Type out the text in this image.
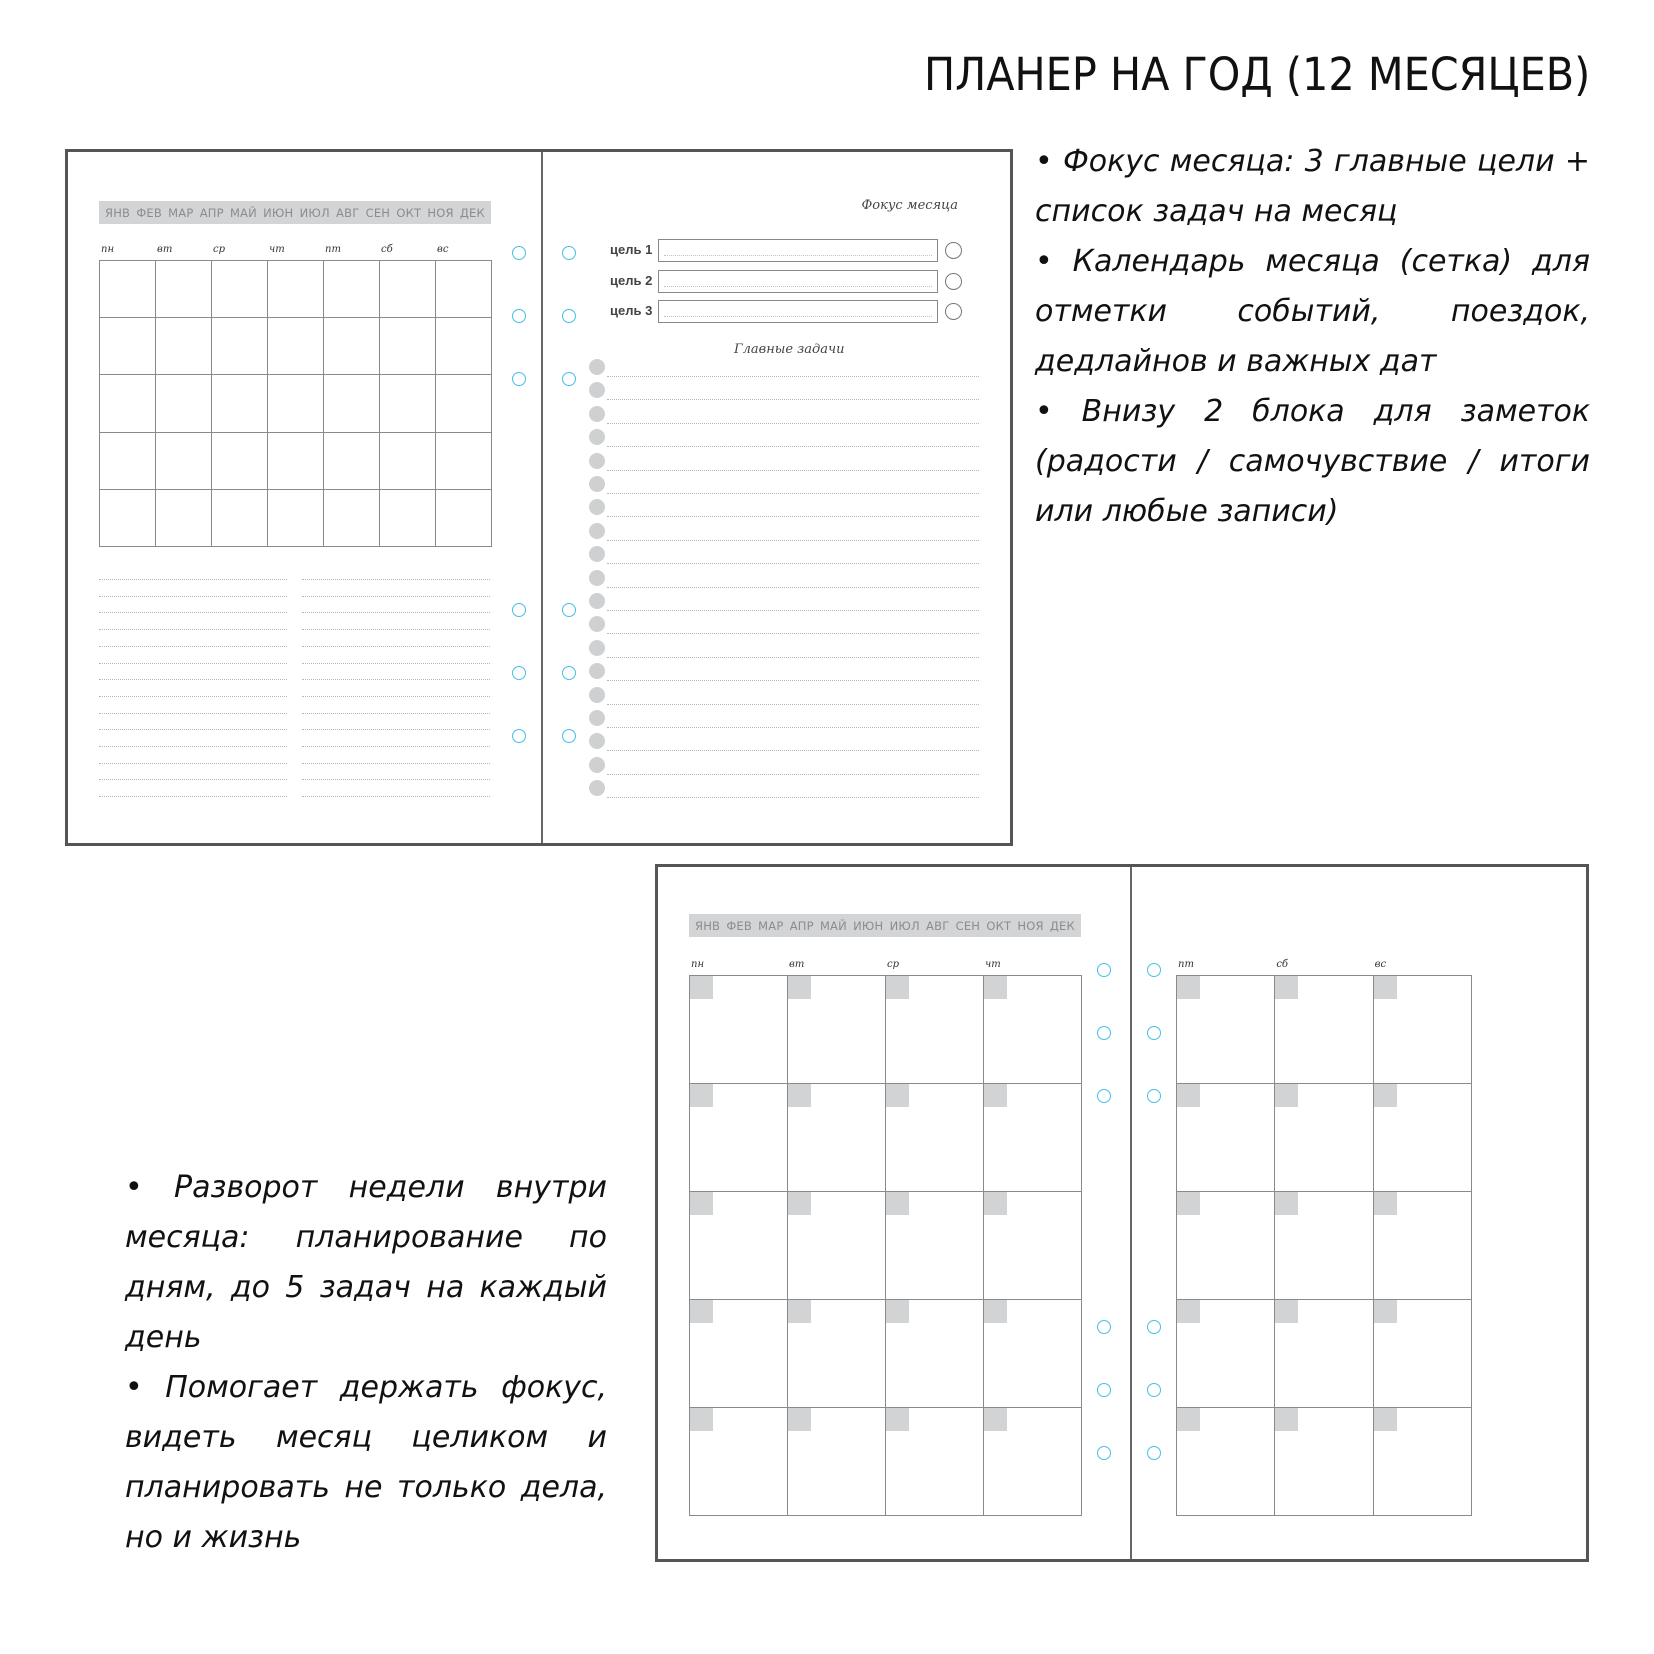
ПЛАНЕР НА ГОД (12 МЕСЯЦЕВ)
ЯНВ ФЕВ МАР АПР МАЙ ИЮН ИЮЛ АВГ СЕН ОКТ НОЯ ДЕК
пн	вт	ср	чт	пт	сб	вс
Фокус месяца
цель 1
цель 2
цель 3
Главные задачи

• Фокус месяца: 3 главные цели + список задач на месяц

• Календарь месяца (сетка) для отметки событий, поездок, дедлайнов и важных дат

• Внизу 2 блока для заметок (радости / самочувствие / итоги или любые записи)

ЯНВ ФЕВ МАР АПР МАЙ ИЮН ИЮЛ АВГ СЕН ОКТ НОЯ ДЕК
пн	вт	ср	чт	пт	сб	вс

• Разворот недели внутри месяца: планирование по дням, до 5 задач на каждый день

• Помогает держать фокус, видеть месяц целиком и планировать не только дела, но и жизнь
